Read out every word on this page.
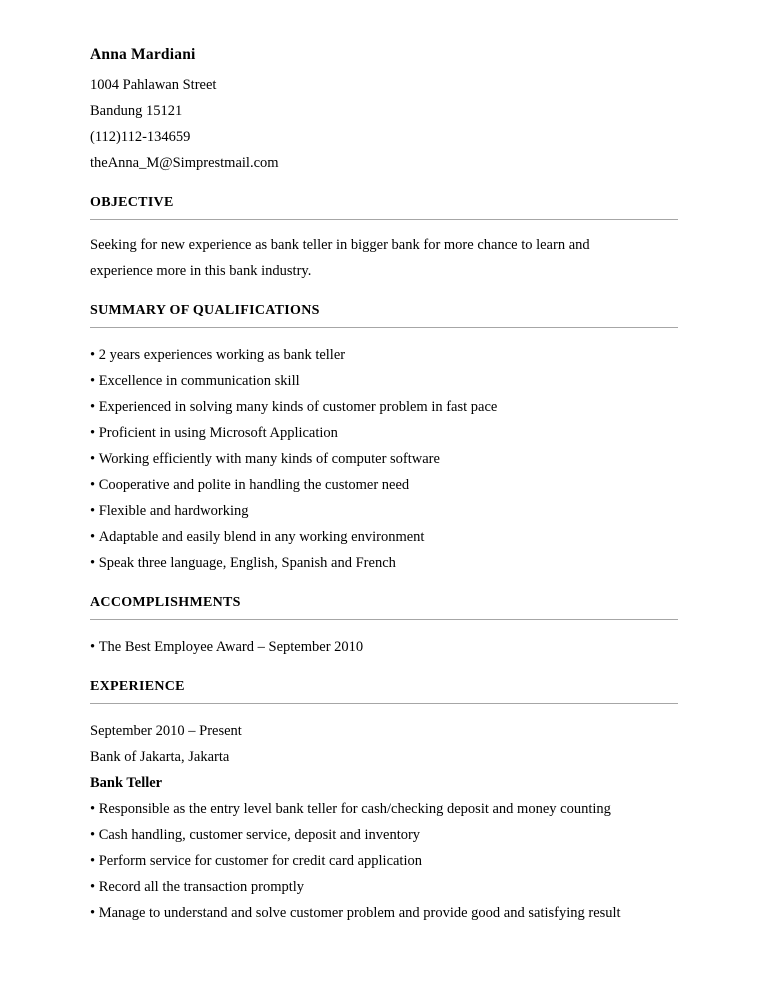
Anna Mardiani
1004 Pahlawan Street
Bandung 15121
(112)112-134659
theAnna_M@Simprestmail.com
OBJECTIVE
Seeking for new experience as bank teller in bigger bank for more chance to learn and
experience more in this bank industry.
SUMMARY OF QUALIFICATIONS
• 2 years experiences working as bank teller
• Excellence in communication skill
• Experienced in solving many kinds of customer problem in fast pace
• Proficient in using Microsoft Application
• Working efficiently with many kinds of computer software
• Cooperative and polite in handling the customer need
• Flexible and hardworking
• Adaptable and easily blend in any working environment
• Speak three language, English, Spanish and French
ACCOMPLISHMENTS
• The Best Employee Award – September 2010
EXPERIENCE
September 2010 – Present
Bank of Jakarta, Jakarta
Bank Teller
• Responsible as the entry level bank teller for cash/checking deposit and money counting
• Cash handling, customer service, deposit and inventory
• Perform service for customer for credit card application
• Record all the transaction promptly
• Manage to understand and solve customer problem and provide good and satisfying result
